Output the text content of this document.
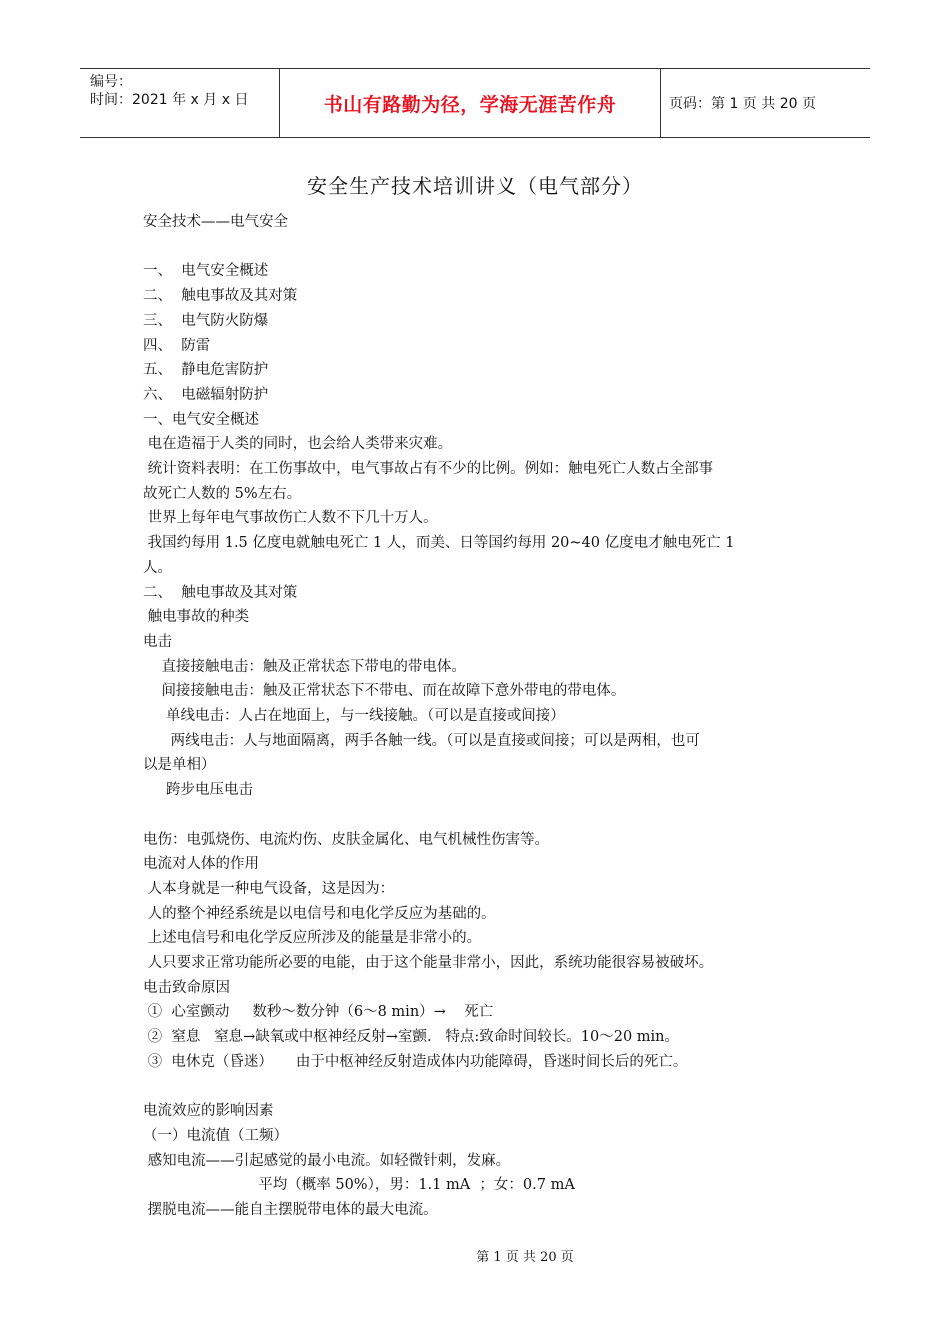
编号：
时间：2021 年 x 月 x 日	书山有路勤为径，学海无涯苦作舟	页码：第 1 页 共 20 页
安全生产技术培训讲义（电气部分）

安全技术——电气安全

一、  电气安全概述

二、  触电事故及其对策

三、  电气防火防爆

四、  防雷

五、  静电危害防护

六、  电磁辐射防护

一、电气安全概述

电在造福于人类的同时，也会给人类带来灾难。

统计资料表明：在工伤事故中，电气事故占有不少的比例。例如：触电死亡人数占全部事

故死亡人数的 5%左右。

世界上每年电气事故伤亡人数不下几十万人。

我国约每用 1.5 亿度电就触电死亡 1 人，而美、日等国约每用 20~40 亿度电才触电死亡 1

人。

二、  触电事故及其对策

触电事故的种类

电击

直接接触电击：触及正常状态下带电的带电体。

间接接触电击：触及正常状态下不带电、而在故障下意外带电的带电体。

单线电击：人占在地面上，与一线接触。（可以是直接或间接）

两线电击：人与地面隔离，两手各触一线。（可以是直接或间接；可以是两相，也可

以是单相）

跨步电压电击

电伤：电弧烧伤、电流灼伤、皮肤金属化、电气机械性伤害等。

电流对人体的作用

人本身就是一种电气设备，这是因为：

人的整个神经系统是以电信号和电化学反应为基础的。

上述电信号和电化学反应所涉及的能量是非常小的。

人只要求正常功能所必要的电能，由于这个能量非常小，因此，系统功能很容易被破坏。

电击致命原因

①  心室颤动     数秒～数分钟（6～8 min）→    死亡

②  窒息   窒息→缺氧或中枢神经反射→室颤.   特点:致命时间较长。10～20 min。

③  电休克（昏迷）     由于中枢神经反射造成体内功能障碍，昏迷时间长后的死亡。

电流效应的影响因素

（一）电流值（工频）

感知电流——引起感觉的最小电流。如轻微针刺，发麻。

平均（概率 50%），男：1.1 mA  ；女：0.7 mA

摆脱电流——能自主摆脱带电体的最大电流。

第 1 页 共 20 页
